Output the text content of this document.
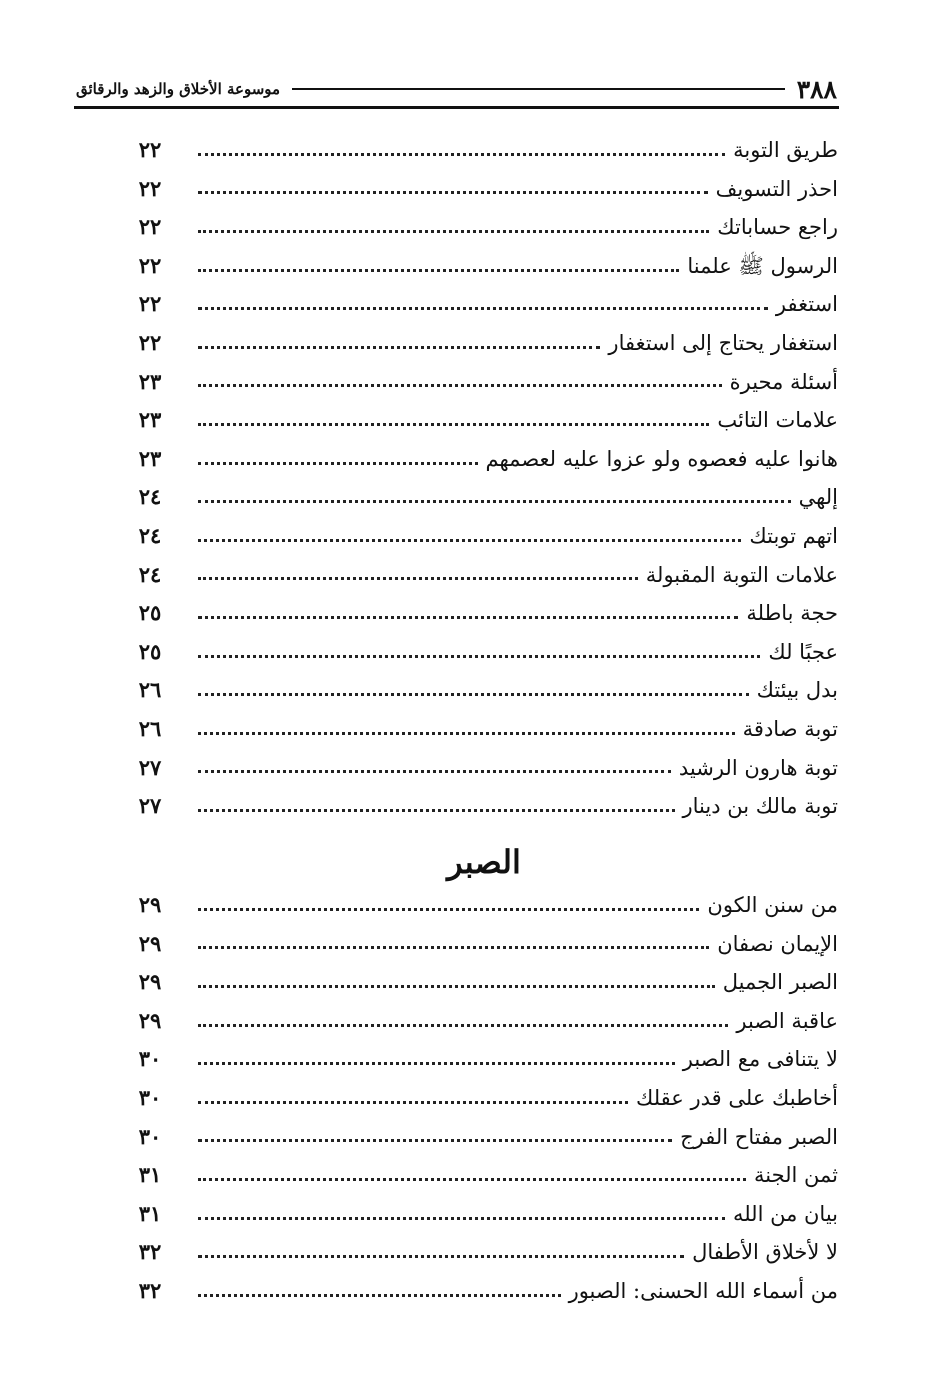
٣٨٨
موسوعة الأخلاق والزهد والرقائق
طريق التوبة
٢٢
احذر التسويف
٢٢
راجع حساباتك
٢٢
الرسول ﷺ علمنا
٢٢
استغفر
٢٢
استغفار يحتاج إلى استغفار
٢٢
أسئلة محيرة
٢٣
علامات التائب
٢٣
هانوا عليه فعصوه ولو عزوا عليه لعصمهم
٢٣
إلهي
٢٤
اتهم توبتك
٢٤
علامات التوبة المقبولة
٢٤
حجة باطلة
٢٥
عجبًا لك
٢٥
بدل بيئتك
٢٦
توبة صادقة
٢٦
توبة هارون الرشيد
٢٧
توبة مالك بن دينار
٢٧
الصبر
من سنن الكون
٢٩
الإيمان نصفان
٢٩
الصبر الجميل
٢٩
عاقبة الصبر
٢٩
لا يتنافى مع الصبر
٣٠
أخاطبك على قدر عقلك
٣٠
الصبر مفتاح الفرج
٣٠
ثمن الجنة
٣١
بيان من الله
٣١
لا لأخلاق الأطفال
٣٢
من أسماء الله الحسنى: الصبور
٣٢
